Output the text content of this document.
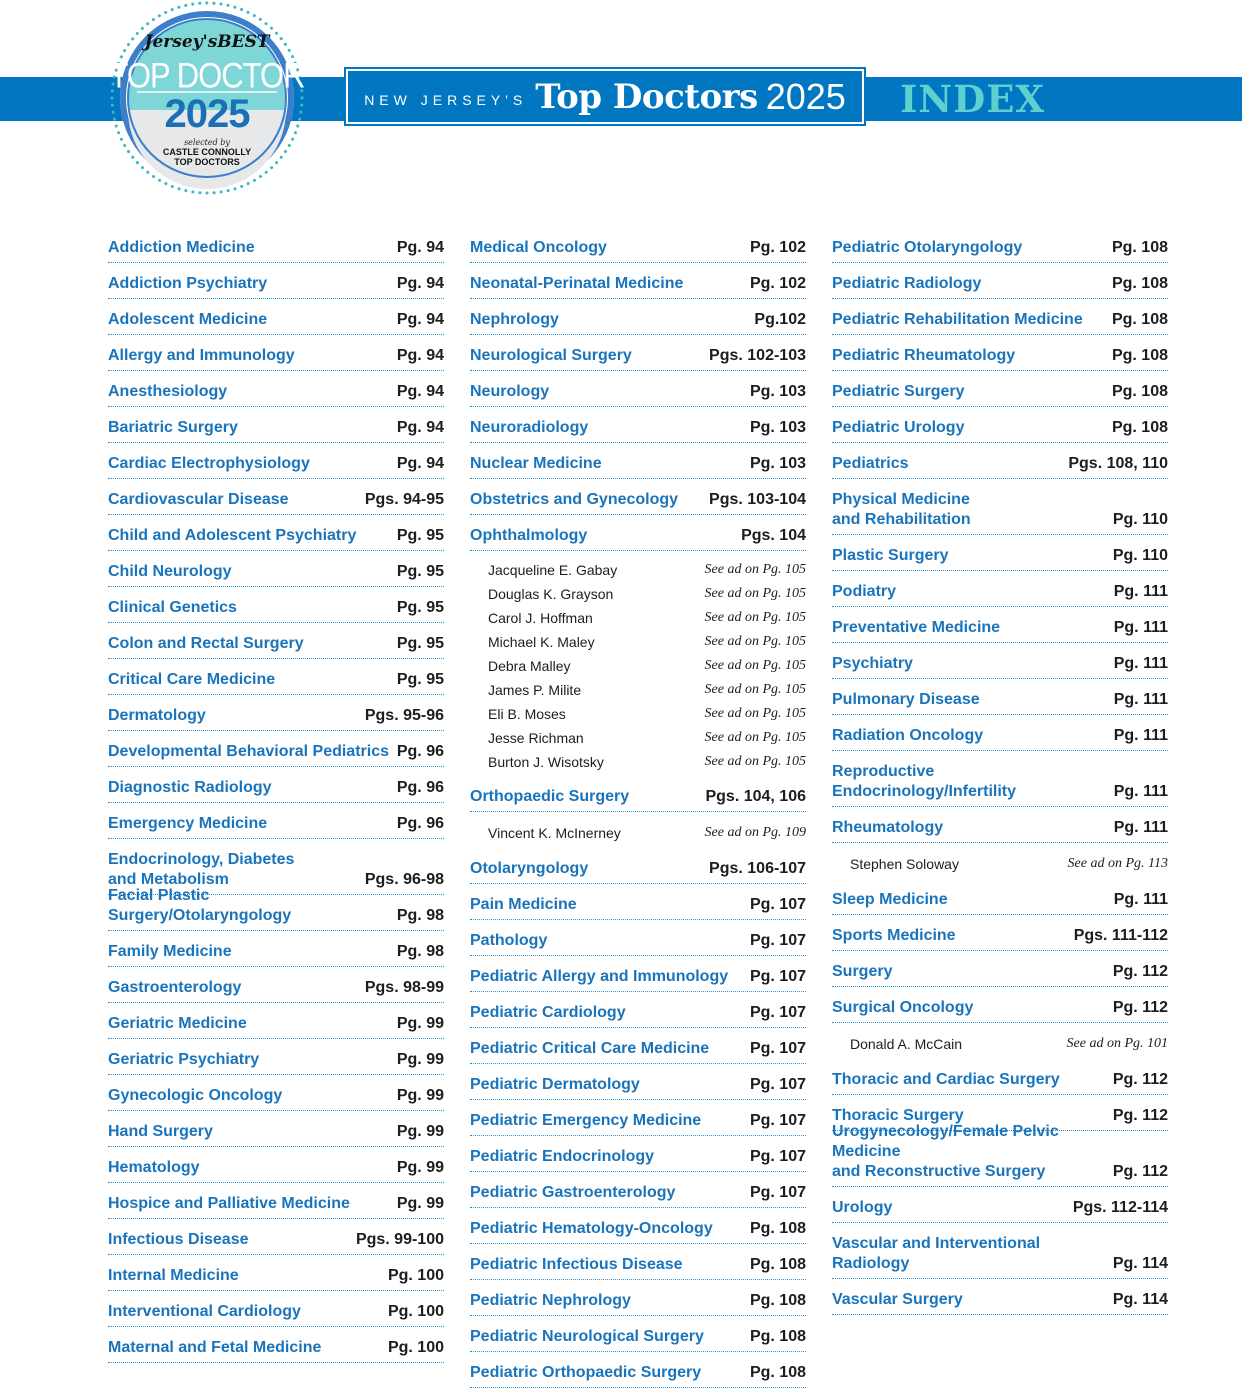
NEW JERSEY'S Top Doctors 2025 INDEX
Jersey'sBEST
TOP DOCTOR
2025
selected by
CASTLE CONNOLLY
TOP DOCTORS
Addiction Medicine	Pg. 94
Addiction Psychiatry	Pg. 94
Adolescent Medicine	Pg. 94
Allergy and Immunology	Pg. 94
Anesthesiology	Pg. 94
Bariatric Surgery	Pg. 94
Cardiac Electrophysiology	Pg. 94
Cardiovascular Disease	Pgs. 94-95
Child and Adolescent Psychiatry	Pg. 95
Child Neurology	Pg. 95
Clinical Genetics	Pg. 95
Colon and Rectal Surgery	Pg. 95
Critical Care Medicine	Pg. 95
Dermatology	Pgs. 95-96
Developmental Behavioral Pediatrics Pg. 96
Diagnostic Radiology	Pg. 96
Emergency Medicine	Pg. 96
Endocrinology, Diabetes
and Metabolism	Pgs. 96-98
Facial Plastic Surgery/Otolaryngology	Pg. 98
Family Medicine	Pg. 98
Gastroenterology	Pgs. 98-99
Geriatric Medicine	Pg. 99
Geriatric Psychiatry	Pg. 99
Gynecologic Oncology	Pg. 99
Hand Surgery	Pg. 99
Hematology	Pg. 99
Hospice and Palliative Medicine	Pg. 99
Infectious Disease	Pgs. 99-100
Internal Medicine	Pg. 100
Interventional Cardiology	Pg. 100
Maternal and Fetal Medicine	Pg. 100
Medical Oncology	Pg. 102
Neonatal-Perinatal Medicine	Pg. 102
Nephrology	Pg.102
Neurological Surgery	Pgs. 102-103
Neurology	Pg. 103
Neuroradiology	Pg. 103
Nuclear Medicine	Pg. 103
Obstetrics and Gynecology Pgs. 103-104
Ophthalmology	Pgs. 104
Jacqueline E. Gabay	See ad on Pg. 105
Douglas K. Grayson	See ad on Pg. 105
Carol J. Hoffman	See ad on Pg. 105
Michael K. Maley	See ad on Pg. 105
Debra Malley	See ad on Pg. 105
James P. Milite	See ad on Pg. 105
Eli B. Moses	See ad on Pg. 105
Jesse Richman	See ad on Pg. 105
Burton J. Wisotsky	See ad on Pg. 105
Orthopaedic Surgery	Pgs. 104, 106
Vincent K. McInerney	See ad on Pg. 109
Otolaryngology	Pgs. 106-107
Pain Medicine	Pg. 107
Pathology	Pg. 107
Pediatric Allergy and Immunology Pg. 107
Pediatric Cardiology	Pg. 107
Pediatric Critical Care Medicine	Pg. 107
Pediatric Dermatology	Pg. 107
Pediatric Emergency Medicine	Pg. 107
Pediatric Endocrinology	Pg. 107
Pediatric Gastroenterology	Pg. 107
Pediatric Hematology-Oncology Pg. 108
Pediatric Infectious Disease	Pg. 108
Pediatric Nephrology	Pg. 108
Pediatric Neurological Surgery	Pg. 108
Pediatric Orthopaedic Surgery	Pg. 108
Pediatric Otolaryngology	Pg. 108
Pediatric Radiology	Pg. 108
Pediatric Rehabilitation Medicine Pg. 108
Pediatric Rheumatology	Pg. 108
Pediatric Surgery	Pg. 108
Pediatric Urology	Pg. 108
Pediatrics	Pgs. 108, 110
Physical Medicine
and Rehabilitation	Pg. 110
Plastic Surgery	Pg. 110
Podiatry	Pg. 111
Preventative Medicine	Pg. 111
Psychiatry	Pg. 111
Pulmonary Disease	Pg. 111
Radiation Oncology	Pg. 111
Reproductive
Endocrinology/Infertility	Pg. 111
Rheumatology	Pg. 111
Stephen Soloway	See ad on Pg. 113
Sleep Medicine	Pg. 111
Sports Medicine	Pgs. 111-112
Surgery	Pg. 112
Surgical Oncology	Pg. 112
Donald A. McCain	See ad on Pg. 101
Thoracic and Cardiac Surgery	Pg. 112
Thoracic Surgery	Pg. 112
Urogynecology/Female Pelvic Medicine
and Reconstructive Surgery	Pg. 112
Urology	Pgs. 112-114
Vascular and Interventional
Radiology	Pg. 114
Vascular Surgery	Pg. 114
